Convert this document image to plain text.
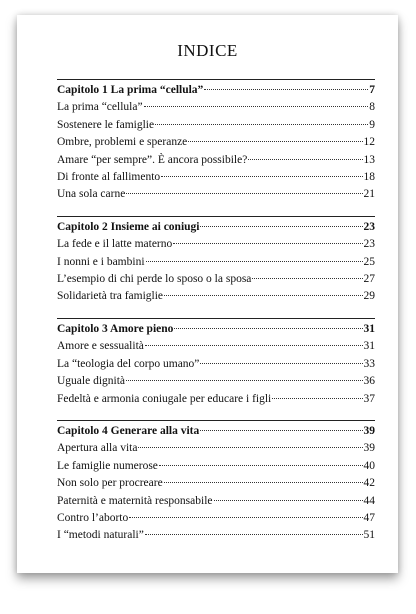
INDICE
Capitolo 1 La prima “cellula”	7
La prima “cellula”	8
Sostenere le famiglie	9
Ombre, problemi e speranze	12
Amare “per sempre”. È ancora possibile?	13
Di fronte al fallimento	18
Una sola carne	21
Capitolo 2 Insieme ai coniugi	23
La fede e il latte materno	23
I nonni e i bambini	25
L’esempio di chi perde lo sposo o la sposa	27
Solidarietà tra famiglie	29
Capitolo 3 Amore pieno	31
Amore e sessualità	31
La “teologia del corpo umano”	33
Uguale dignità	36
Fedeltà e armonia coniugale per educare i figli	37
Capitolo 4 Generare alla vita	39
Apertura alla vita	39
Le famiglie numerose	40
Non solo per procreare	42
Paternità e maternità responsabile	44
Contro l’aborto	47
I “metodi naturali”	51
